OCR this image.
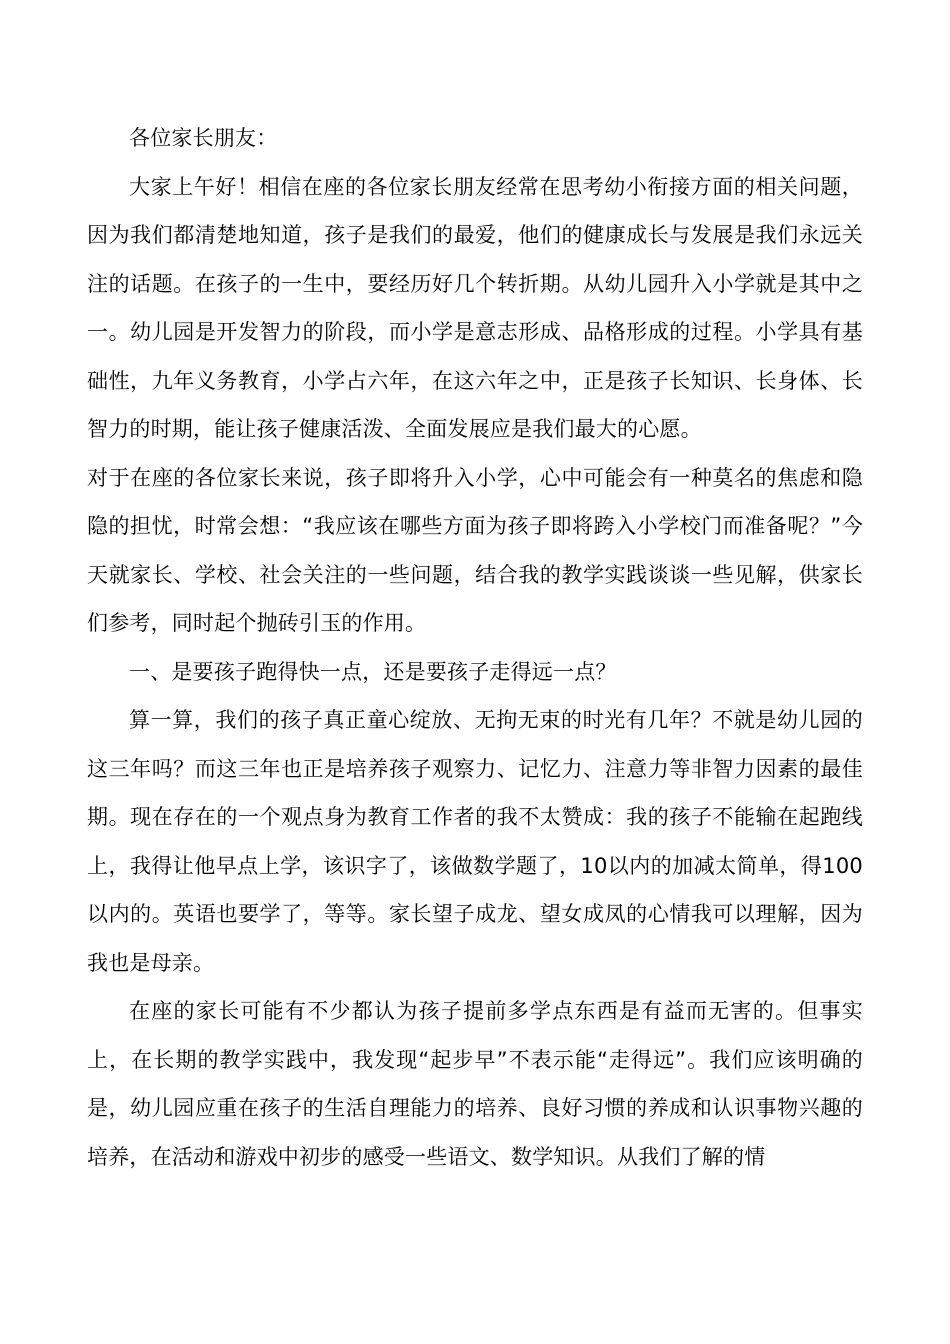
各位家长朋友：

大家上午好！相信在座的各位家长朋友经常在思考幼小衔接方面的相关问题，因为我们都清楚地知道，孩子是我们的最爱，他们的健康成长与发展是我们永远关注的话题。在孩子的一生中，要经历好几个转折期。从幼儿园升入小学就是其中之一。幼儿园是开发智力的阶段，而小学是意志形成、品格形成的过程。小学具有基础性，九年义务教育，小学占六年，在这六年之中，正是孩子长知识、长身体、长智力的时期，能让孩子健康活泼、全面发展应是我们最大的心愿。

对于在座的各位家长来说，孩子即将升入小学，心中可能会有一种莫名的焦虑和隐隐的担忧，时常会想：“我应该在哪些方面为孩子即将跨入小学校门而准备呢？”今天就家长、学校、社会关注的一些问题，结合我的教学实践谈谈一些见解，供家长们参考，同时起个抛砖引玉的作用。

一、是要孩子跑得快一点，还是要孩子走得远一点？

算一算，我们的孩子真正童心绽放、无拘无束的时光有几年？不就是幼儿园的这三年吗？而这三年也正是培养孩子观察力、记忆力、注意力等非智力因素的最佳期。现在存在的一个观点身为教育工作者的我不太赞成：我的孩子不能输在起跑线上，我得让他早点上学，该识字了，该做数学题了，10以内的加减太简单，得100以内的。英语也要学了，等等。家长望子成龙、望女成凤的心情我可以理解，因为我也是母亲。

在座的家长可能有不少都认为孩子提前多学点东西是有益而无害的。但事实上，在长期的教学实践中，我发现“起步早”不表示能“走得远”。我们应该明确的是，幼儿园应重在孩子的生活自理能力的培养、良好习惯的养成和认识事物兴趣的培养，在活动和游戏中初步的感受一些语文、数学知识。从我们了解的情
